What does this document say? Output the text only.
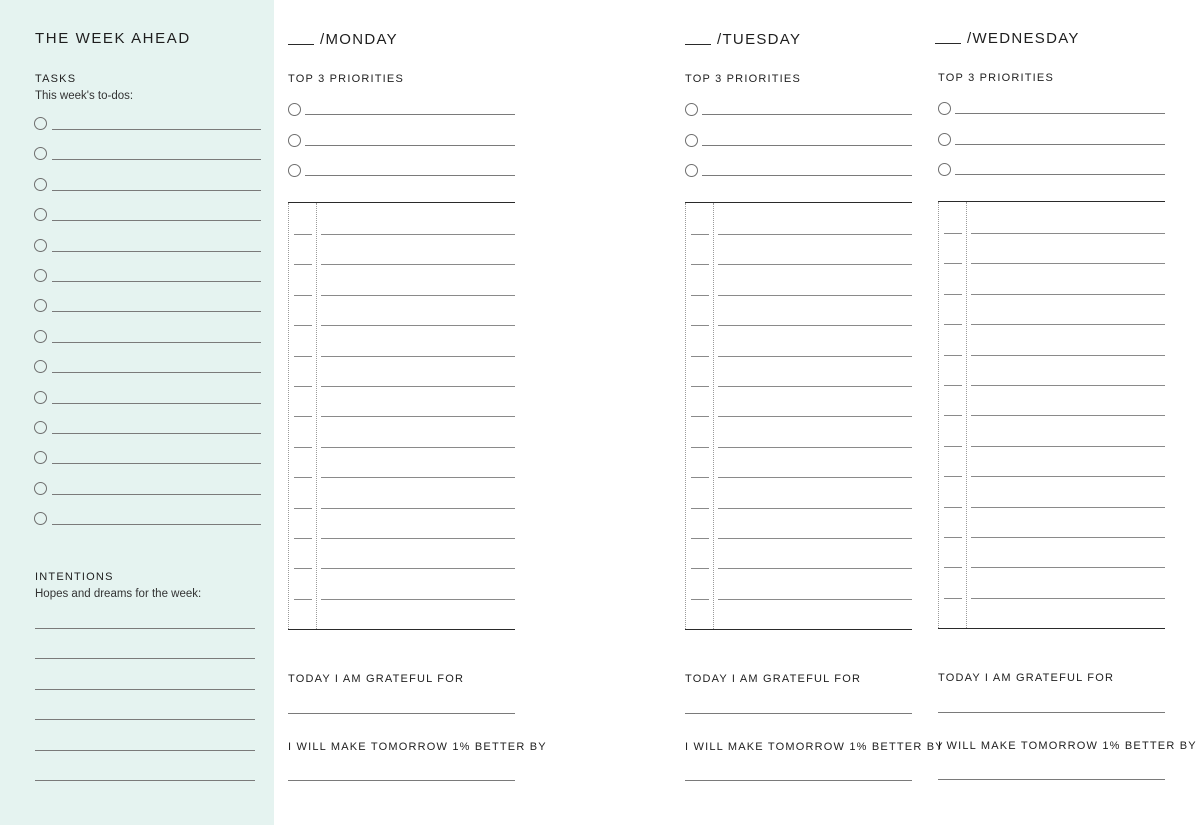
THE WEEK AHEAD
TASKS
This week's to-dos:
INTENTIONS
Hopes and dreams for the week:
/MONDAY
TOP 3 PRIORITIES
TODAY I AM GRATEFUL FOR
I WILL MAKE TOMORROW 1% BETTER BY
/TUESDAY
TOP 3 PRIORITIES
TODAY I AM GRATEFUL FOR
I WILL MAKE TOMORROW 1% BETTER BY
/WEDNESDAY
TOP 3 PRIORITIES
TODAY I AM GRATEFUL FOR
I WILL MAKE TOMORROW 1% BETTER BY
